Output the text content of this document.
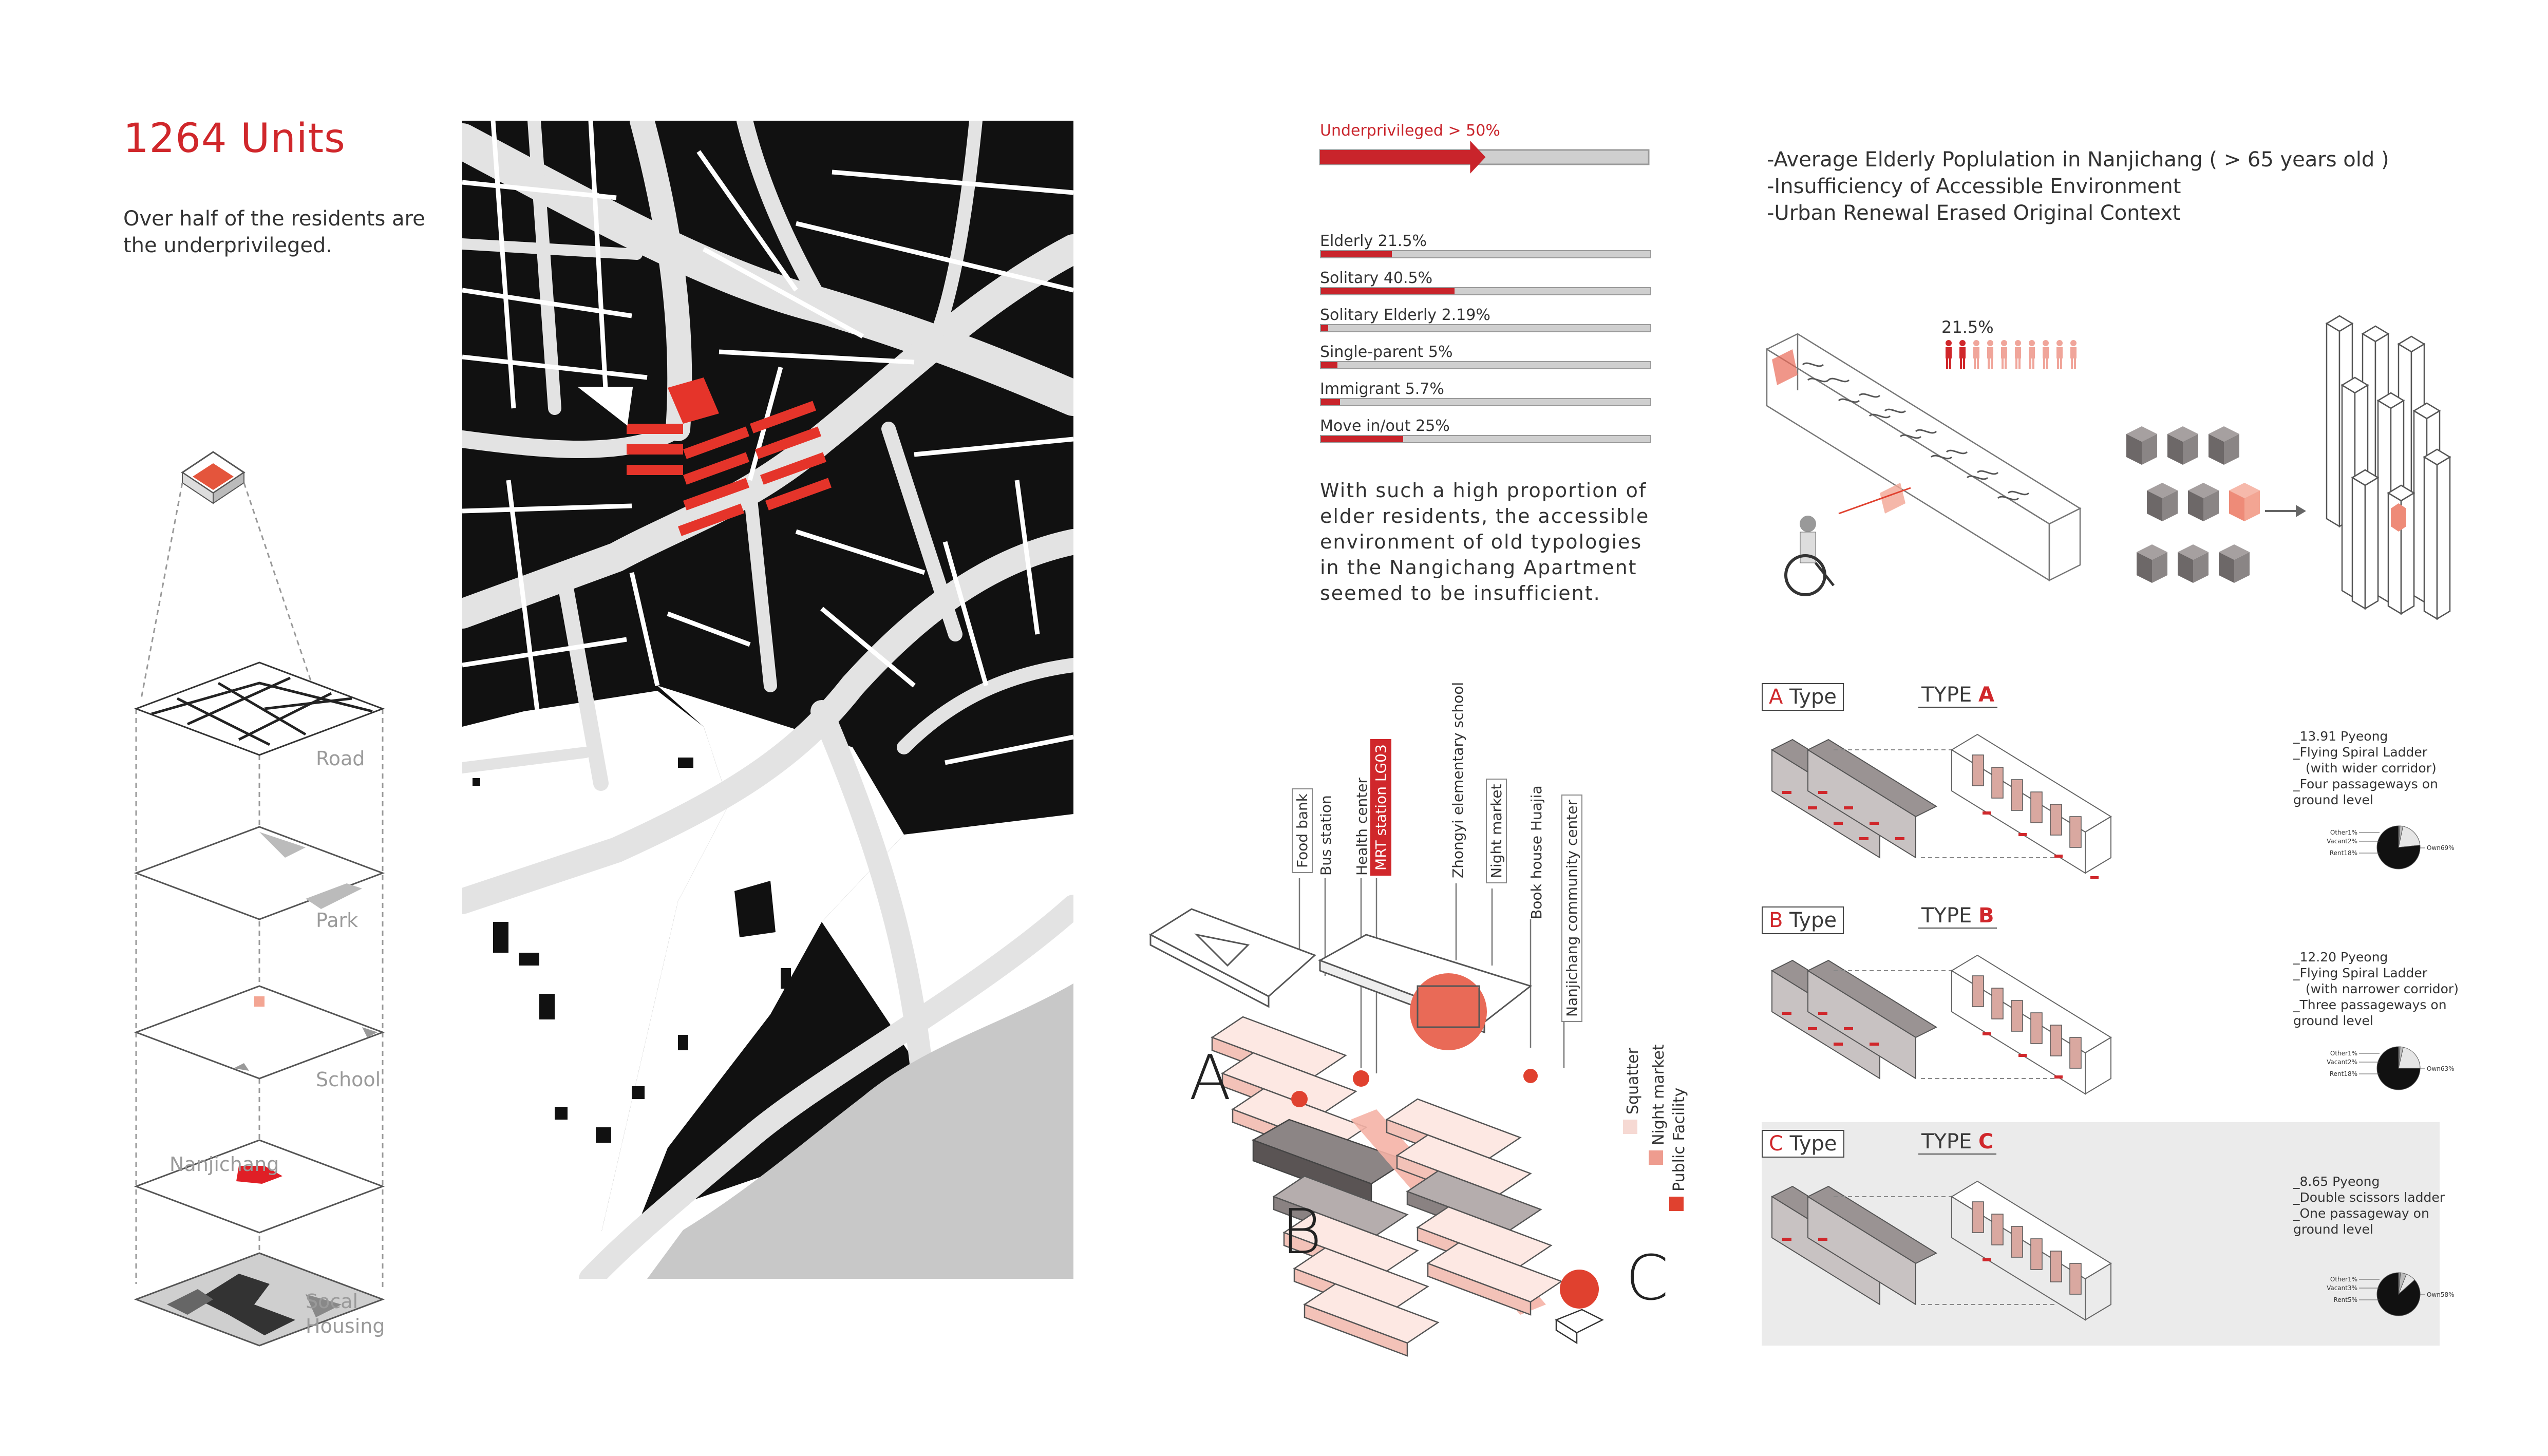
1264 Units
Over half of the residents are the underprivileged.
Road
Park
School
Nanjichang
Socal Housing
Underprivileged > 50%
Elderly 21.5%
Solitary 40.5%
Solitary Elderly 2.19%
Single-parent 5%
Immigrant 5.7%
Move in/out 25%
With such a high proportion of elder residents, the accessible environment of old typologies in the Nangichang Apartment seemed to be insufficient.
Food bank Bus station Health center MRT station LG03	Zhongyi elementary school Night market Book house Huajia Nanjichang community center
A
B
C
Squatter Night market Public Facility
-Average Elderly Poplulation in Nanjichang ( > 65 years old )
-Insufficiency of Accessible Environment
-Urban Renewal Erased Original Context
21.5%
A Type	TYPE A
_13.91 Pyeong
_Flying Spiral Ladder
(with wider corridor)
_Four passageways on
ground level
B Type	TYPE B
_12.20 Pyeong
_Flying Spiral Ladder
(with narrower corridor)
_Three passageways on
ground level
C Type	TYPE C
_8.65 Pyeong
_Double scissors ladder
_One passageway on
ground level
Other1%
Vacant2%
Rent18%
Own69%
Other1%
Vacant2%
Rent18%
Own63%
Other1%
Vacant3%
Rent5%
Own58%
